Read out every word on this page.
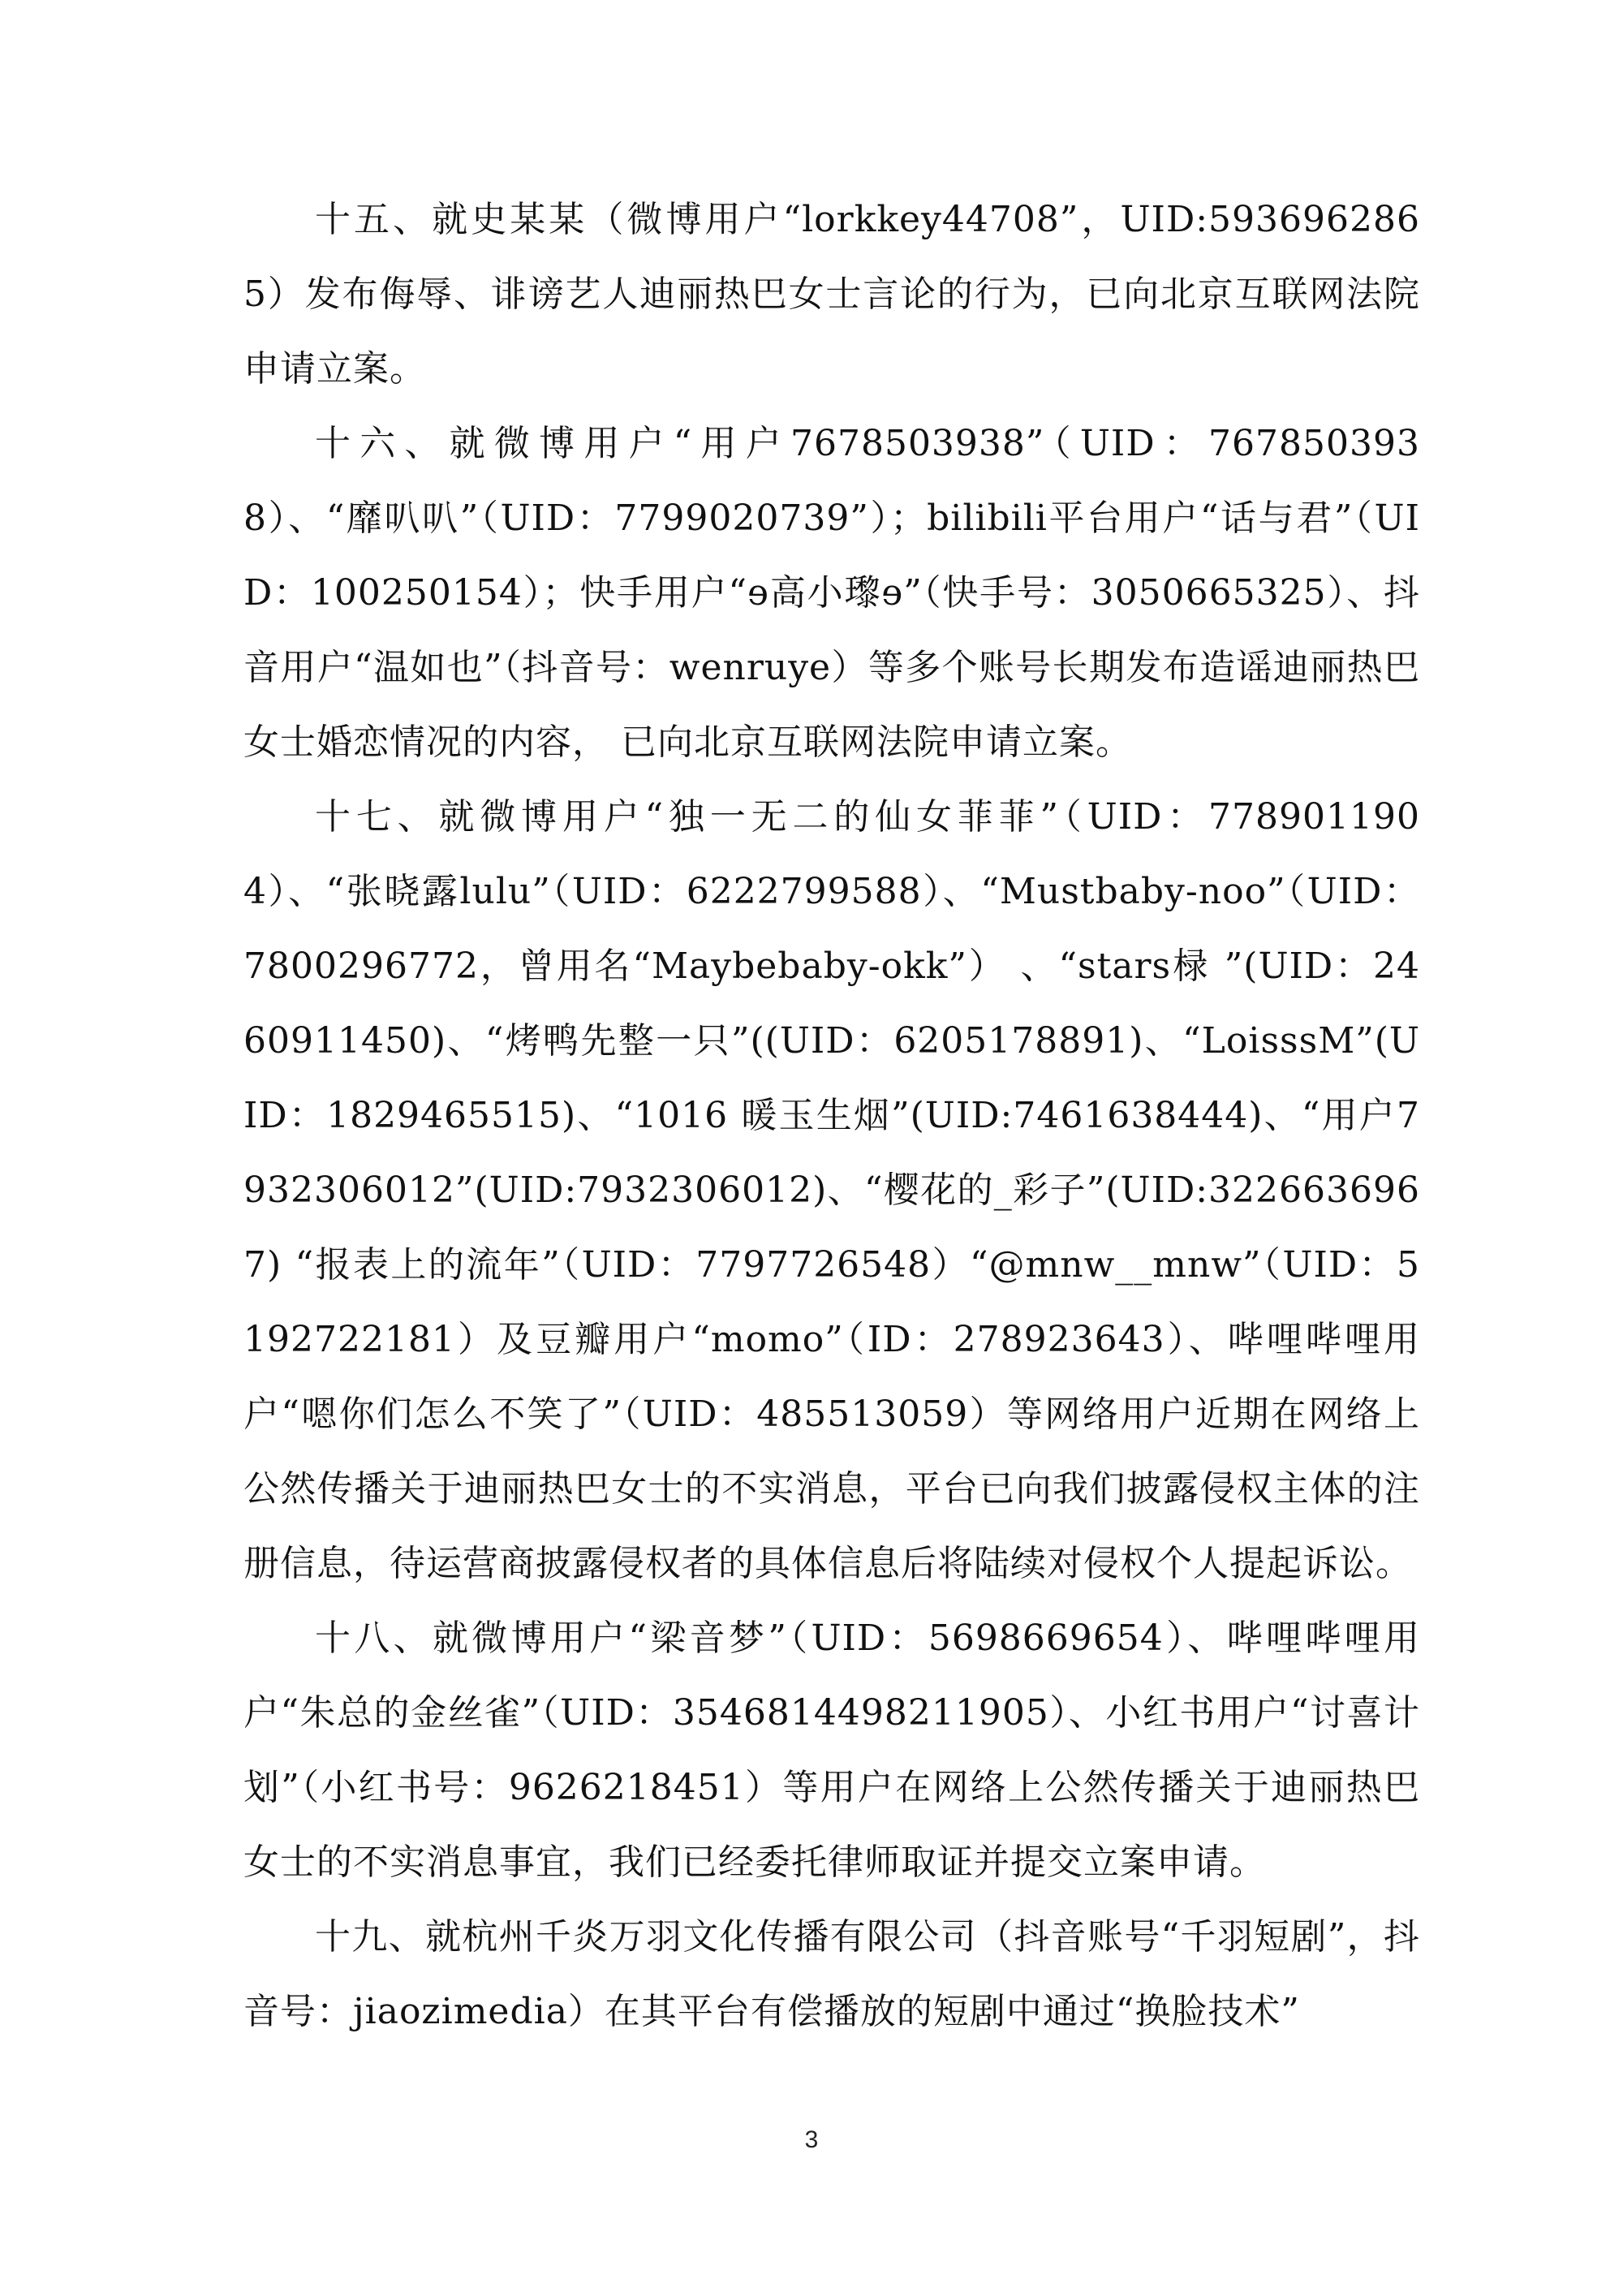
十五、就史某某（微博用户“lorkkey44708”，UID:5936962865）发布侮辱、诽谤艺人迪丽热巴女士言论的行为，已向北京互联网法院申请立案。

十六、就微博用户“用户7678503938”（UID：7678503938）、“靡叭叭”（UID：7799020739”）；bilibili平台用户“话与君”（UID：100250154）；快手用户“ɘ高小瓈ɘ”（快手号：3050665325）、抖音用户“温如也”（抖音号：wenruye）等多个账号长期发布造谣迪丽热巴女士婚恋情况的内容， 已向北京互联网法院申请立案。

十七、就微博用户“独一无二的仙女菲菲”（UID：7789011904）、“张晓露lulu”（UID：6222799588）、“Mustbaby-noo”（UID：7800296772，曾用名“Maybebaby-okk”） 、“stars椂 ”(UID：2460911450)、“烤鸭先整一只”((UID：6205178891)、“LoisssM”(UID：1829465515)、“1016 暖玉生烟”(UID:7461638444)、“用户7932306012”(UID:7932306012)、“樱花的_彩子”(UID:3226636967) “报表上的流年”（UID：7797726548）“@mnw__mnw”（UID：5192722181）及豆瓣用户“momo”（ID：278923643）、哔哩哔哩用户“嗯你们怎么不笑了”（UID：485513059）等网络用户近期在网络上公然传播关于迪丽热巴女士的不实消息，平台已向我们披露侵权主体的注册信息，待运营商披露侵权者的具体信息后将陆续对侵权个人提起诉讼。

十八、就微博用户“梁音梦”（UID：5698669654）、哔哩哔哩用户“朱总的金丝雀”（UID：3546814498211905）、小红书用户“讨喜计划”（小红书号：9626218451）等用户在网络上公然传播关于迪丽热巴女士的不实消息事宜，我们已经委托律师取证并提交立案申请。

十九、就杭州千炎万羽文化传播有限公司（抖音账号“千羽短剧”，抖音号：jiaozimedia）在其平台有偿播放的短剧中通过“换脸技术”

3
